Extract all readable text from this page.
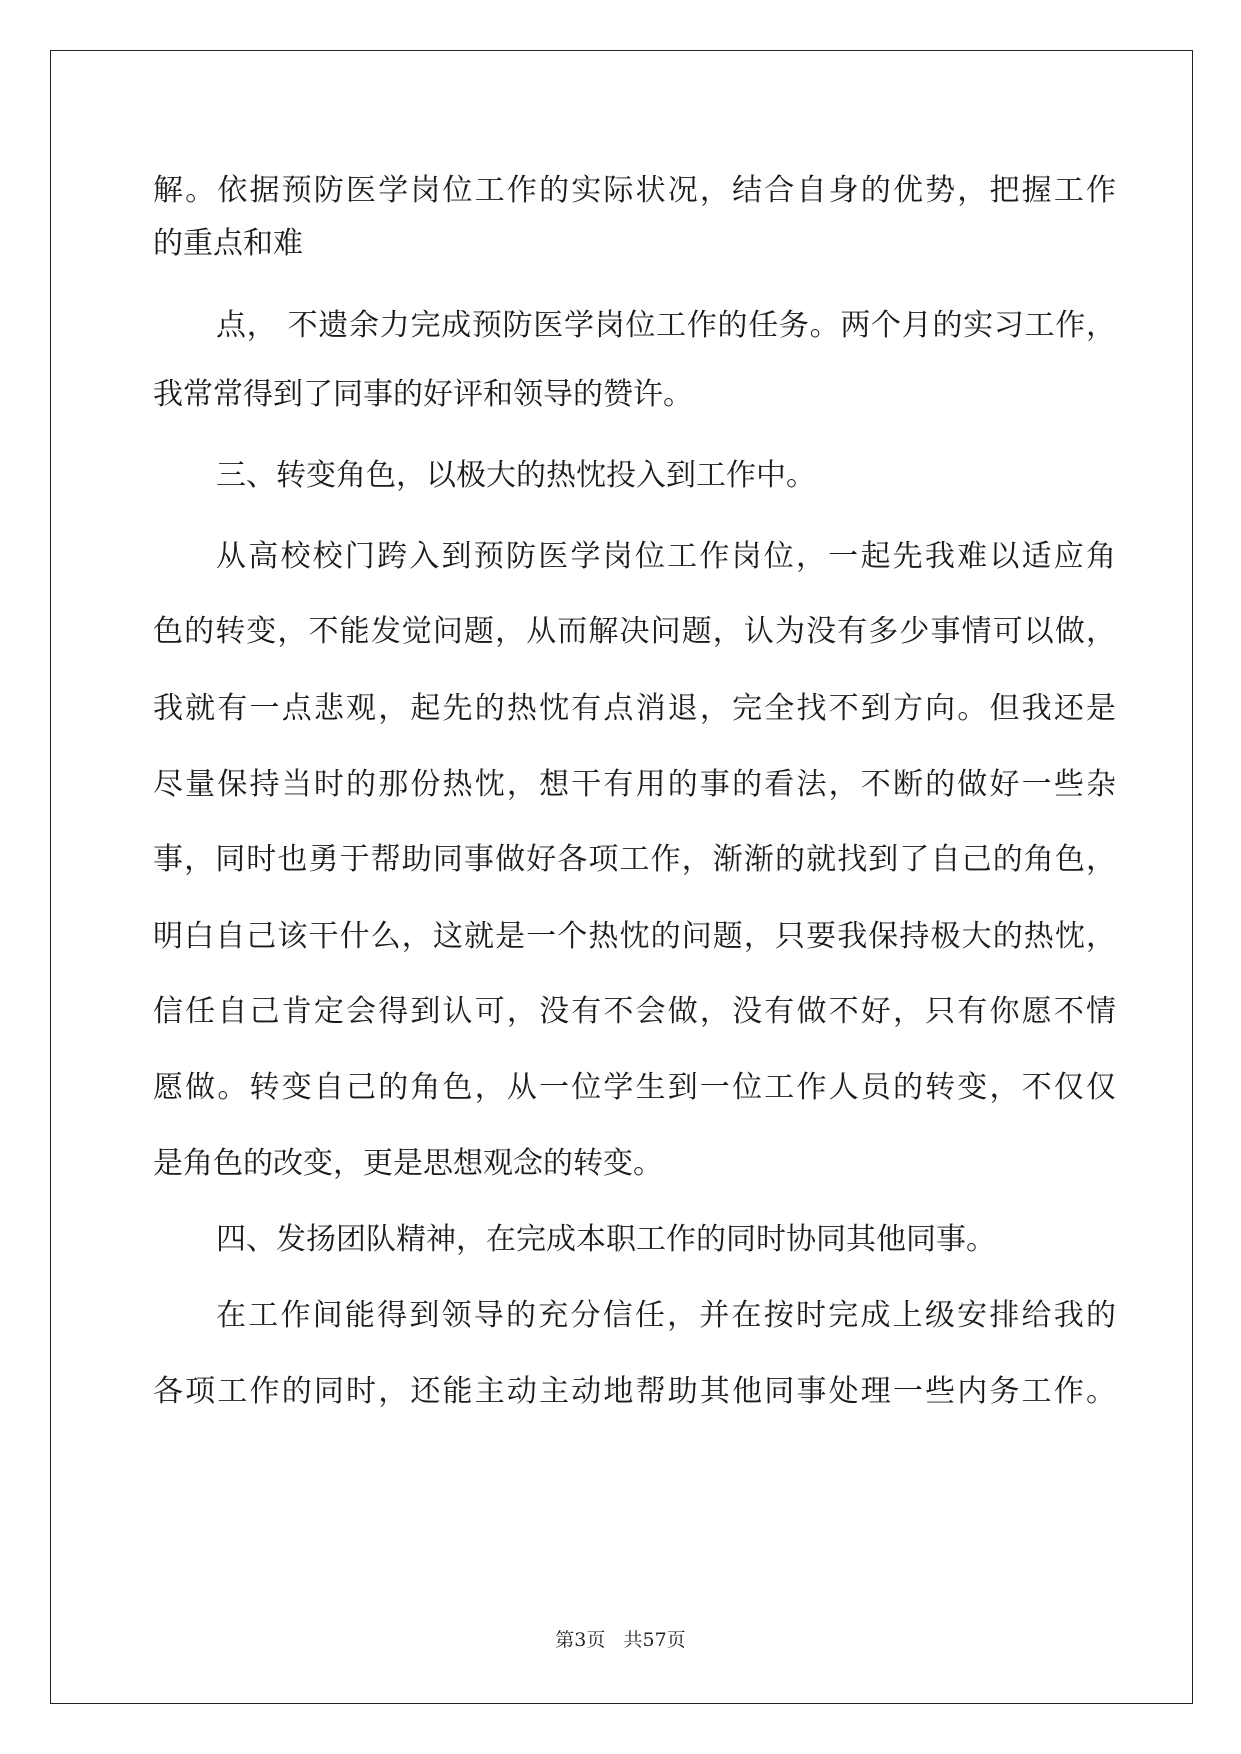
解。依据预防医学岗位工作的实际状况，结合自身的优势，把握工作

的重点和难

点， 不遗余力完成预防医学岗位工作的任务。两个月的实习工作，

我常常得到了同事的好评和领导的赞许。

三、转变角色，以极大的热忱投入到工作中。

从高校校门跨入到预防医学岗位工作岗位，一起先我难以适应角

色的转变，不能发觉问题，从而解决问题，认为没有多少事情可以做，

我就有一点悲观，起先的热忱有点消退，完全找不到方向。但我还是

尽量保持当时的那份热忱，想干有用的事的看法，不断的做好一些杂

事，同时也勇于帮助同事做好各项工作，渐渐的就找到了自己的角色，

明白自己该干什么，这就是一个热忱的问题，只要我保持极大的热忱，

信任自己肯定会得到认可，没有不会做，没有做不好，只有你愿不情

愿做。转变自己的角色，从一位学生到一位工作人员的转变，不仅仅

是角色的改变，更是思想观念的转变。

四、发扬团队精神，在完成本职工作的同时协同其他同事。

在工作间能得到领导的充分信任，并在按时完成上级安排给我的

各项工作的同时，还能主动主动地帮助其他同事处理一些内务工作。

第3页   共57页
